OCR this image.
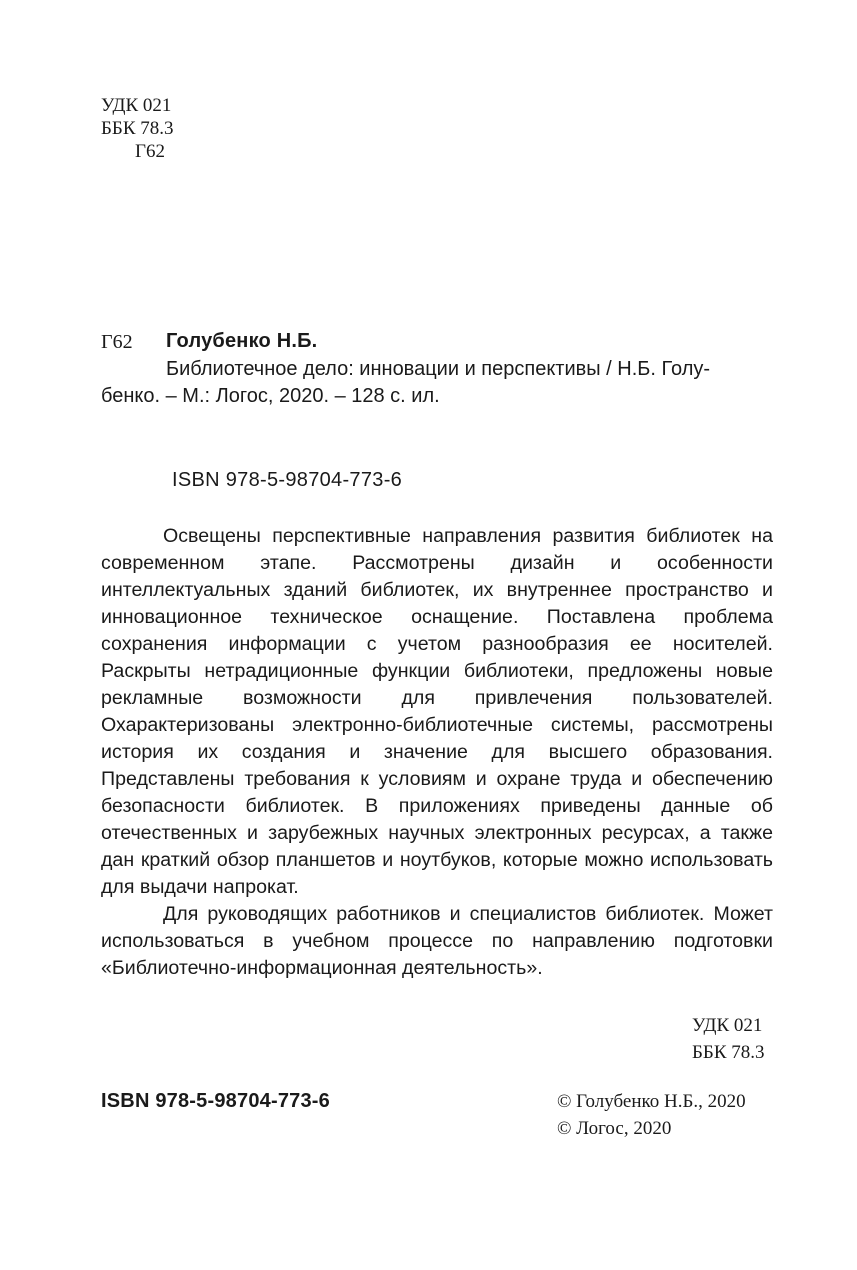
УДК 021
ББК 78.3
Г62
Г62 Голубенко Н.Б.
Библиотечное дело: инновации и перспективы / Н.Б. Голу-
бенко. – М.: Логос, 2020. – 128 с. ил.
ISBN 978-5-98704-773-6

Освещены перспективные направления развития библиотек на современном этапе. Рассмотрены дизайн и особенности интеллектуальных зданий библиотек, их внутреннее пространство и инновационное техническое оснащение. Поставлена проблема сохранения информации с учетом разнообразия ее носителей. Раскрыты нетрадиционные функции библиотеки, предложены новые рекламные возможности для привлечения пользователей. Охарактеризованы электронно-библиотечные системы, рассмотрены история их создания и значение для высшего образования. Представлены требования к условиям и охране труда и обеспечению безопасности библиотек. В приложениях приведены данные об отечественных и зарубежных научных электронных ресурсах, а также дан краткий обзор планшетов и ноутбуков, которые можно использовать для выдачи напрокат.

Для руководящих работников и специалистов библиотек. Может использоваться в учебном процессе по направлению подготовки «Библиотечно-информационная деятельность».

УДК 021
ББК 78.3
ISBN 978-5-98704-773-6	© Голубенко Н.Б., 2020
© Логос, 2020
